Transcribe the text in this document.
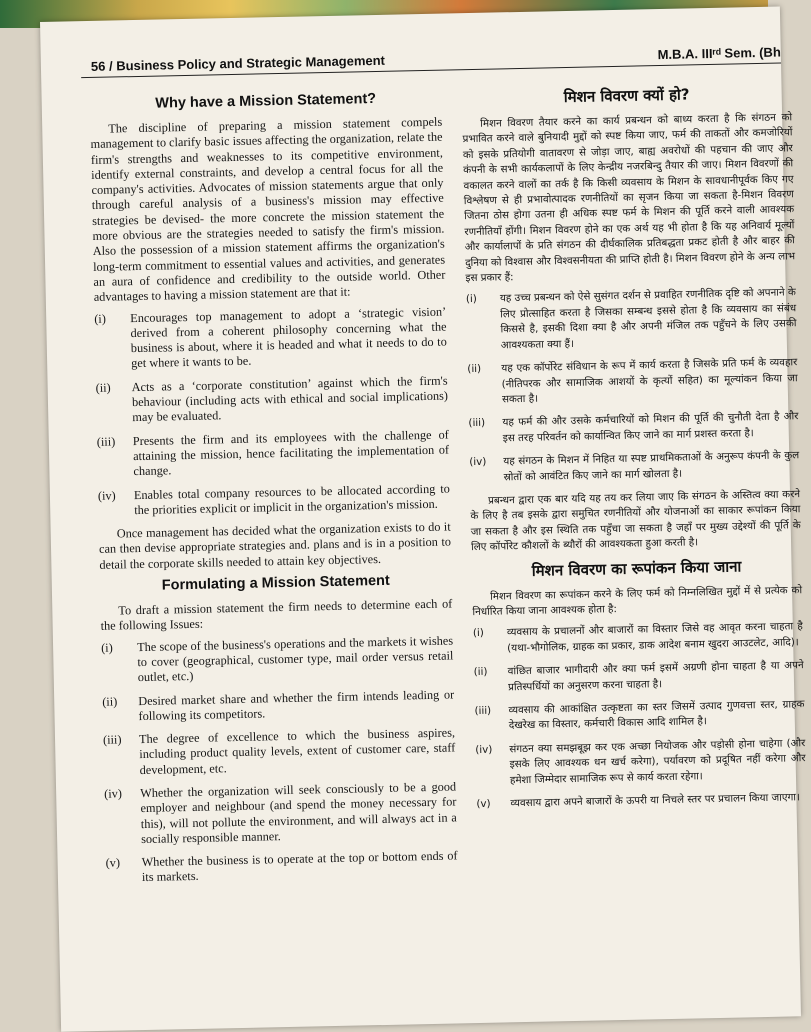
56 / Business Policy and Strategic Management	M.B.A. IIIʳᵈ Sem. (Bh
Why have a Mission Statement?

The discipline of preparing a mission statement compels management to clarify basic issues affecting the organization, relate the firm's strengths and weaknesses to its competitive environment, identify external constraints, and develop a central focus for all the company's activities. Advocates of mission statements argue that only through careful analysis of a business's mission may effective strategies be devised- the more concrete the mission statement the more obvious are the strategies needed to satisfy the firm's mission. Also the possession of a mission statement affirms the organization's long-term commitment to essential values and activities, and generates an aura of confidence and credibility to the outside world. Other advantages to having a mission statement are that it:

(i)	Encourages top management to adopt a ‘strategic vision’ derived from a coherent philosophy concerning what the business is about, where it is headed and what it needs to do to get where it wants to be.
(ii)	Acts as a ‘corporate constitution’ against which the firm's behaviour (including acts with ethical and social implications) may be evaluated.
(iii)	Presents the firm and its employees with the challenge of attaining the mission, hence facilitating the implementation of change.
(iv)	Enables total company resources to be allocated according to the priorities explicit or implicit in the organization's mission.

Once management has decided what the organization exists to do it can then devise appropriate strategies and. plans and is in a position to detail the corporate skills needed to attain key objectives.

Formulating a Mission Statement

To draft a mission statement the firm needs to determine each of the following Issues:

(i)	The scope of the business's operations and the markets it wishes to cover (geographical, customer type, mail order versus retail outlet, etc.)
(ii)	Desired market share and whether the firm intends leading or following its competitors.
(iii)	The degree of excellence to which the business aspires, including product quality levels, extent of customer care, staff development, etc.
(iv)	Whether the organization will seek consciously to be a good employer and neighbour (and spend the money necessary for this), will not pollute the environment, and will always act in a socially responsible manner.
(v)	Whether the business is to operate at the top or bottom ends of its markets.
मिशन विवरण क्यों हो?

मिशन विवरण तैयार करने का कार्य प्रबन्धन को बाध्य करता है कि संगठन को प्रभावित करने वाले बुनियादी मुद्दों को स्पष्ट किया जाए, फर्म की ताकतों और कमजोरियों को इसके प्रतियोगी वातावरण से जोड़ा जाए, बाह्य अवरोधों की पहचान की जाए और कंपनी के सभी कार्यकलापों के लिए केन्द्रीय नजरबिन्दु तैयार की जाए। मिशन विवरणों की वकालत करने वालों का तर्क है कि किसी व्यवसाय के मिशन के सावधानीपूर्वक किए गए विश्लेषण से ही प्रभावोत्पादक रणनीतियों का सृजन किया जा सकता है-मिशन विवरण जितना ठोस होगा उतना ही अधिक स्पष्ट फर्म के मिशन की पूर्ति करने वाली आवश्यक रणनीतियाँ होंगी। मिशन विवरण होने का एक अर्थ यह भी होता है कि यह अनिवार्य मूल्यों और कार्यालापों के प्रति संगठन की दीर्घकालिक प्रतिबद्धता प्रकट होती है और बाहर की दुनिया को विश्वास और विश्वसनीयता की प्राप्ति होती है। मिशन विवरण होने के अन्य लाभ इस प्रकार हैं:

(i)	यह उच्च प्रबन्धन को ऐसे सुसंगत दर्शन से प्रवाहित रणनीतिक दृष्टि को अपनाने के लिए प्रोत्साहित करता है जिसका सम्बन्ध इससे होता है कि व्यवसाय का संबंध किससे है, इसकी दिशा क्या है और अपनी मंजिल तक पहुँचने के लिए उसकी आवश्यकता क्या हैं।
(ii)	यह एक कॉर्पोरेट संविधान के रूप में कार्य करता है जिसके प्रति फर्म के व्यवहार (नीतिपरक और सामाजिक आशयों के कृत्यों सहित) का मूल्यांकन किया जा सकता है।
(iii)	यह फर्म की और उसके कर्मचारियों को मिशन की पूर्ति की चुनौती देता है और इस तरह परिवर्तन को कार्यान्वित किए जाने का मार्ग प्रशस्त करता है।
(iv)	यह संगठन के मिशन में निहित या स्पष्ट प्राथमिकताओं के अनुरूप कंपनी के कुल स्रोतों को आवंटित किए जाने का मार्ग खोलता है।

प्रबन्धन द्वारा एक बार यदि यह तय कर लिया जाए कि संगठन के अस्तित्व क्या करने के लिए है तब इसके द्वारा समुचित रणनीतियों और योजनाओं का साकार रूपांकन किया जा सकता है और इस स्थिति तक पहुँचा जा सकता है जहाँ पर मुख्य उद्देश्यों की पूर्ति के लिए कॉर्पोरेट कौशलों के ब्यौरों की आवश्यकता हुआ करती है।

मिशन विवरण का रूपांकन किया जाना

मिशन विवरण का रूपांकन करने के लिए फर्म को निम्नलिखित मुद्दों में से प्रत्येक को निर्धारित किया जाना आवश्यक होता है:

(i)	व्यवसाय के प्रचालनों और बाजारों का विस्तार जिसे वह आवृत करना चाहता है (यथा-भौगोलिक, ग्राहक का प्रकार, डाक आदेश बनाम खुदरा आउटलेट, आदि)।
(ii)	वांछित बाजार भागीदारी और क्या फर्म इसमें अग्रणी होना चाहता है या अपने प्रतिस्पर्धियों का अनुसरण करना चाहता है।
(iii)	व्यवसाय की आकांक्षित उत्कृष्टता का स्तर जिसमें उत्पाद गुणवत्ता स्तर, ग्राहक देखरेख का विस्तार, कर्मचारी विकास आदि शामिल है।
(iv)	संगठन क्या समझबूझ कर एक अच्छा नियोजक और पड़ोसी होना चाहेगा (और इसके लिए आवश्यक धन खर्च करेगा), पर्यावरण को प्रदूषित नहीं करेगा और हमेशा जिम्मेदार सामाजिक रूप से कार्य करता रहेगा।
(v)	व्यवसाय द्वारा अपने बाजारों के ऊपरी या निचले स्तर पर प्रचालन किया जाएगा।
